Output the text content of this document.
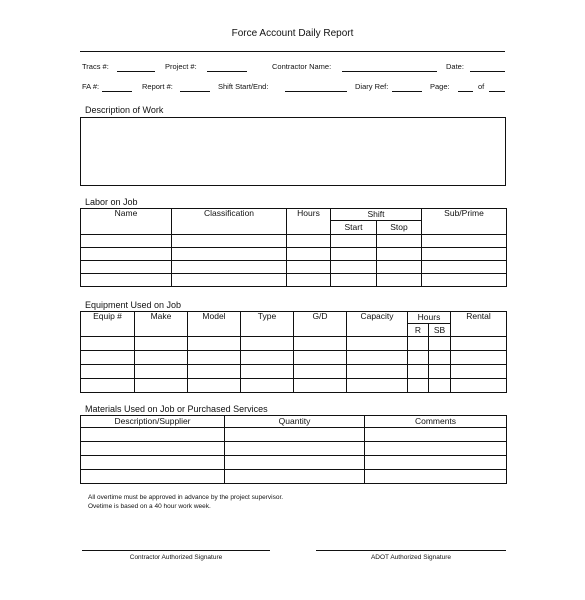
Force Account Daily Report
Tracs #:	Project #:	Contractor Name:	Date:
FA #:	Report #:	Shift Start/End:	Diary Ref:	Page:	of
Description of Work
Labor on Job
Name	Classification	Hours	Shift		Sub/Prime
			Start	Stop	

Equipment Used on Job
Equip #	Make	Model	Type	G/D	Capacity	Hours		Rental
						R	SB	

Materials Used on Job or Purchased Services
Description/Supplier	Quantity	Comments

All overtime must be approved in advance by the project supervisor.
Ovetime is based on a 40 hour work week.
Contractor Authorized Signature	ADOT Authorized Signature
